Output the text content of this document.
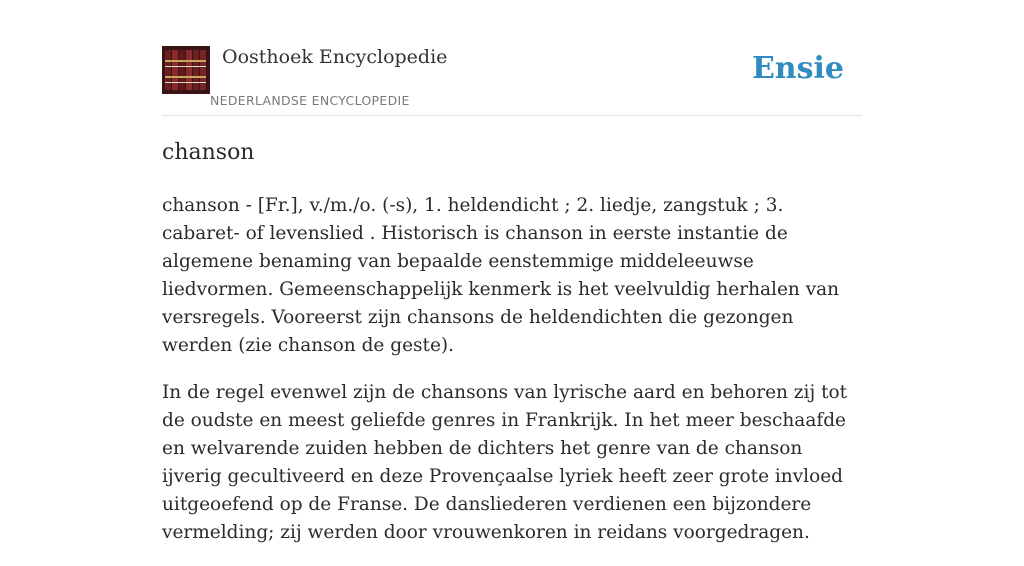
Oosthoek Encyclopedie
NEDERLANDSE ENCYCLOPEDIE
Ensie
chanson

chanson - [Fr.], v./m./o. (-s), 1. heldendicht ; 2. liedje, zangstuk ; 3. cabaret- of levenslied . Historisch is chanson in eerste instantie de algemene benaming van bepaalde eenstemmige middeleeuwse liedvormen. Gemeenschappelijk kenmerk is het veelvuldig herhalen van versregels. Vooreerst zijn chansons de heldendichten die gezongen werden (zie chanson de geste).

In de regel evenwel zijn de chansons van lyrische aard en behoren zij tot de oudste en meest geliefde genres in Frankrijk. In het meer beschaafde en welvarende zuiden hebben de dichters het genre van de chanson ijverig gecultiveerd en deze Provençaalse lyriek heeft zeer grote invloed uitgeoefend op de Franse. De dansliederen verdienen een bijzondere vermelding; zij werden door vrouwenkoren in reidans voorgedragen.
